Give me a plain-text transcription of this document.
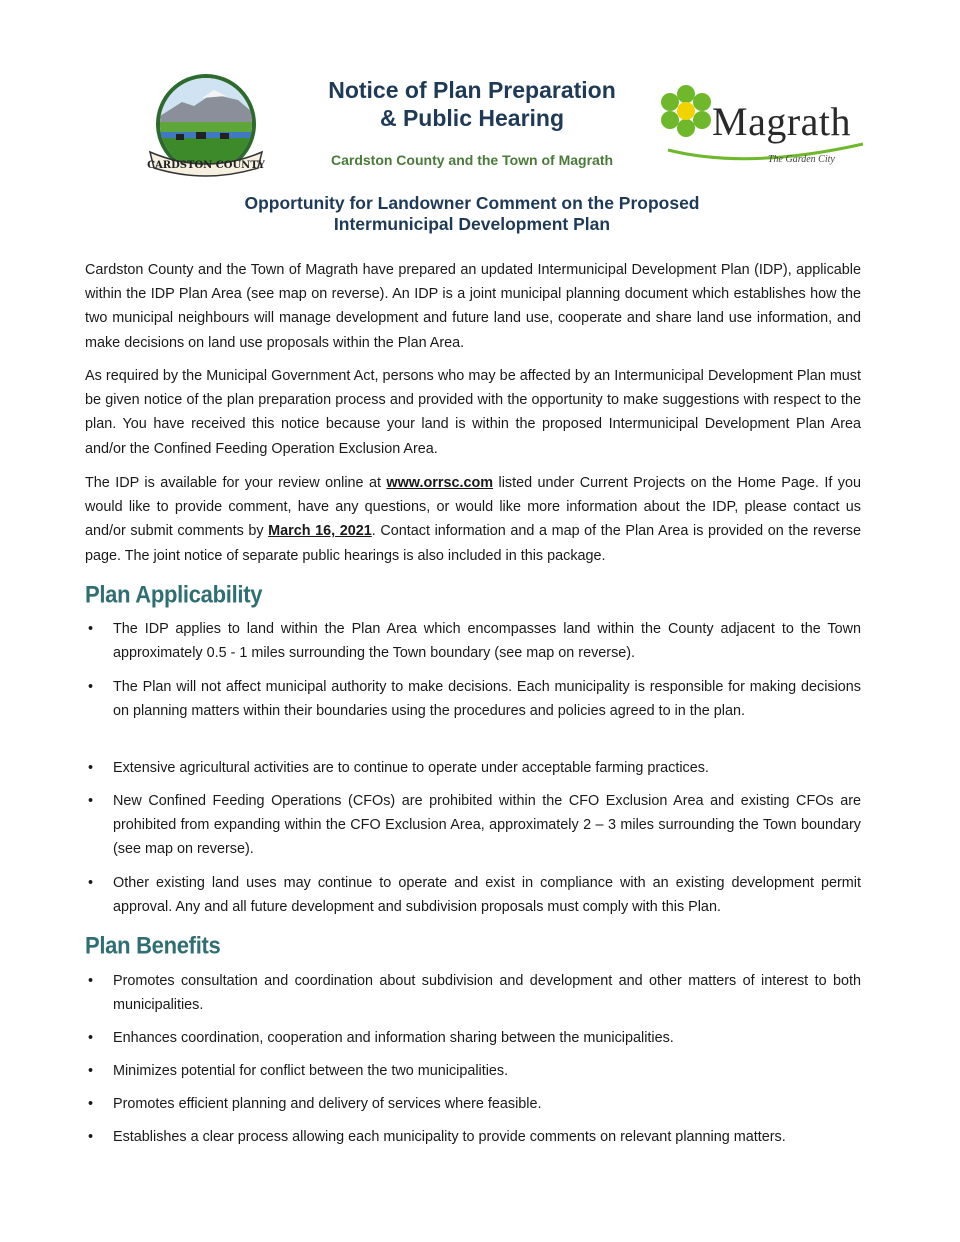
CARDSTON COUNTY
Notice of Plan Preparation
& Public Hearing
Cardston County and the Town of Magrath
Magrath
The Garden City
Opportunity for Landowner Comment on the Proposed
Intermunicipal Development Plan

Cardston County and the Town of Magrath have prepared an updated Intermunicipal Development Plan (IDP), applicable within the IDP Plan Area (see map on reverse). An IDP is a joint municipal planning document which establishes how the two municipal neighbours will manage development and future land use, cooperate and share land use information, and make decisions on land use proposals within the Plan Area.

As required by the Municipal Government Act, persons who may be affected by an Intermunicipal Development Plan must be given notice of the plan preparation process and provided with the opportunity to make suggestions with respect to the plan. You have received this notice because your land is within the proposed Intermunicipal Development Plan Area and/or the Confined Feeding Operation Exclusion Area.

The IDP is available for your review online at www.orrsc.com listed under Current Projects on the Home Page. If you would like to provide comment, have any questions, or would like more information about the IDP, please contact us and/or submit comments by March 16, 2021. Contact information and a map of the Plan Area is provided on the reverse page. The joint notice of separate public hearings is also included in this package.

Plan Applicability
• The IDP applies to land within the Plan Area which encompasses land within the County adjacent to the Town approximately 0.5 - 1 miles surrounding the Town boundary (see map on reverse).
• The Plan will not affect municipal authority to make decisions. Each municipality is responsible for making decisions on planning matters within their boundaries using the procedures and policies agreed to in the plan.
• Extensive agricultural activities are to continue to operate under acceptable farming practices.
• New Confined Feeding Operations (CFOs) are prohibited within the CFO Exclusion Area and existing CFOs are prohibited from expanding within the CFO Exclusion Area, approximately 2 – 3 miles surrounding the Town boundary (see map on reverse).
• Other existing land uses may continue to operate and exist in compliance with an existing development permit approval. Any and all future development and subdivision proposals must comply with this Plan.
Plan Benefits
• Promotes consultation and coordination about subdivision and development and other matters of interest to both municipalities.
• Enhances coordination, cooperation and information sharing between the municipalities.
• Minimizes potential for conflict between the two municipalities.
• Promotes efficient planning and delivery of services where feasible.
• Establishes a clear process allowing each municipality to provide comments on relevant planning matters.
